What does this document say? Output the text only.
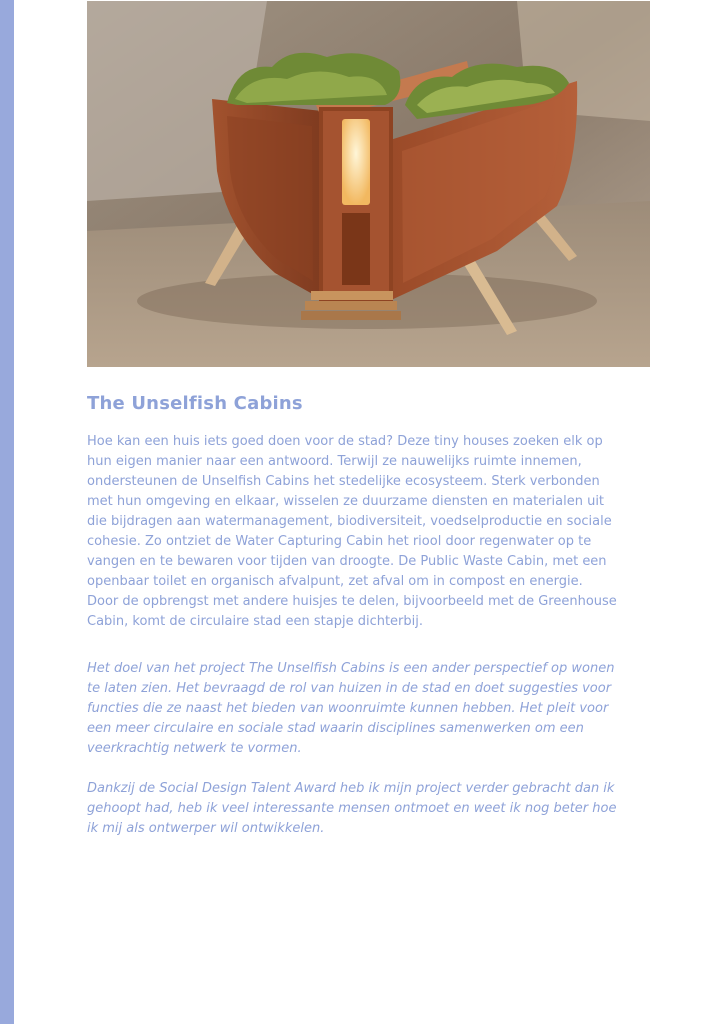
The Unselfish Cabins

Hoe kan een huis iets goed doen voor de stad? Deze tiny houses zoeken elk op hun eigen manier naar een antwoord. Terwijl ze nauwelijks ruimte innemen, ondersteunen de Unselfish Cabins het stedelijke ecosysteem. Sterk verbonden met hun omgeving en elkaar, wisselen ze duurzame diensten en materialen uit die bijdragen aan watermanagement, biodiversiteit, voedselproductie en sociale cohesie. Zo ontziet de Water Capturing Cabin het riool door regenwater op te vangen en te bewaren voor tijden van droogte. De Public Waste Cabin, met een openbaar toilet en organisch afvalpunt, zet afval om in compost en energie. Door de opbrengst met andere huisjes te delen, bijvoorbeeld met de Greenhouse Cabin, komt de circulaire stad een stapje dichterbij.

Het doel van het project The Unselfish Cabins is een ander perspectief op wonen te laten zien. Het bevraagd de rol van huizen in de stad en doet suggesties voor functies die ze naast het bieden van woonruimte kunnen hebben. Het pleit voor een meer circulaire en sociale stad waarin disciplines samenwerken om een veerkrachtig netwerk te vormen.

Dankzij de Social Design Talent Award heb ik mijn project verder gebracht dan ik gehoopt had, heb ik veel interessante mensen ontmoet en weet ik nog beter hoe ik mij als ontwerper wil ontwikkelen.
